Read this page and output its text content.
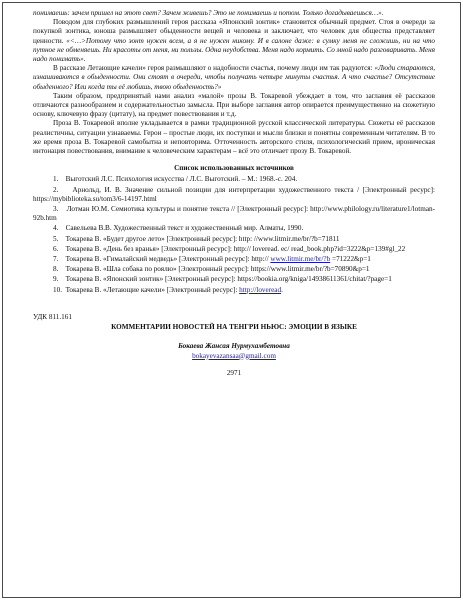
понимаешь: зачем пришел на этот свет? Зачем живешь? Это не понимаешь и потом. Только догадываешься…».

Поводом для глубоких размышлений героя рассказа «Японский зонтик» становится обычный предмет. Стоя в очереди за покупкой зонтика, юноша размышляет обыденности вещей и человека и заключает, что человек для общества представляет ценности. «<…>Потому что зонт нужен всем, а я не нужен никому. И в салоне даже: в сумку меня не сложишь, ни на что путное не обменяешь. Ни красоты от меня, ни пользы. Одна неудобства. Меня надо кормить. Со мной надо разговаривать. Меня надо понимать».

В рассказе Летающие качели» героя размышляют о надобности счастья, почему люди им так радуются: «Люди стараются, изнашиваются в обыденности. Они стоят в очереди, чтобы получать четыре минуты счастья. А что счастье? Отсутствие обыденного? Или когда ты её любишь, твою обыденность?»

Таким образом, предпринятый нами анализ «малой» прозы В. Токаревой убеждает в том, что заглавия её рассказов отличаются разнообразием и содержательностью замысла. При выборе заглавия автор опирается преимущественно на сюжетную основу, ключевую фразу (цитату), на предмет повествования и т.д.

Проза В. Токаревой вполне укладывается в рамки традиционной русской классической литературы. Сюжеты её рассказов реалистичны, ситуации узнаваемы. Герои – простые люди, их поступки и мысли близки и понятны современным читателям. В то же время проза В. Токаревой самобытна и неповторима. Отточенность авторского стиля, психологический прием, ироническая интонация повествования, внимание к человеческим характерам – всё это отличает прозу В. Токаревой.

Список использованных источников

1.    Выготский Л.С. Психология искусства / Л.С. Выготский. – М.: 1968.-с. 204.

2.    Арнольд, И. В. Значение сильной позиции для интерпретации художественного текста / [Электронный ресурс]: https://mybiblioteka.su/tom3/6-14197.html

3.    Лотман Ю.М. Семиотика культуры и понятие текста // [Электронный ресурс]: http://www.philology.ru/literature1/lotman-92b.htm

4.    Савельева В.В. Художественный текст и художественный мир. Алматы, 1990.

5.    Токарева В. «Будет другое лето» [Электронный ресурс]: http: //www.litmir.me/br/?b=71811

6.    Токарева В. «День без вранья» [Электронный ресурс]: http:// loveread. ec/ read_book.php?id=3222&p=139#gl_22

7.    Токарева В. «Гималайский медведь» [Электронный ресурс]: http:// www.litmir.me/br/?b =71222&p=1

8.    Токарева В. «Шла собака по роялю» [Электронный ресурс]: https://www.litmir.me/br/?b=70890&p=1

9.    Токарева В. «Японский зонтик» [Электронный ресурс]: https://bookia.org/kniga/14938611361/chitat/?page=1

10.  Токарева В. «Летающие качели» [Электронный ресурс]: http://loveread.

УДК 811.161
КОММЕНТАРИИ НОВОСТЕЙ НА ТЕНГРИ НЬЮС: ЭМОЦИИ В ЯЗЫКЕ
Бокаева Жансая Нурмухамбетовна
bokayevazansaa@gmail.com
2971
